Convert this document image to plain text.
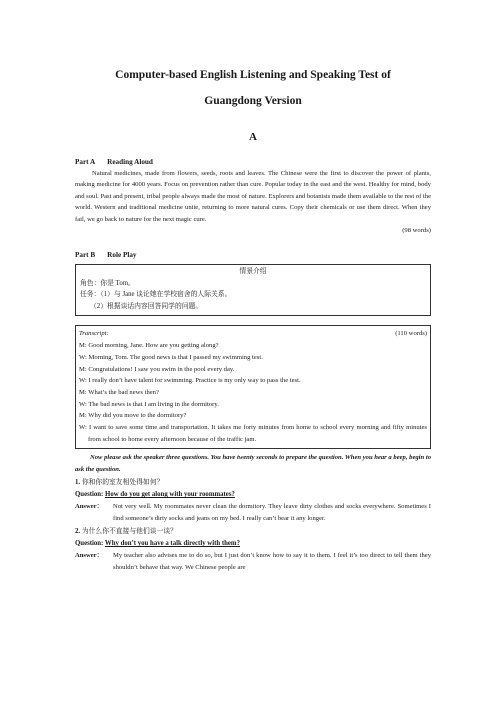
Computer-based English Listening and Speaking Test of
Guangdong Version
A
Part A Reading Aloud
Natural medicines, made from flowers, seeds, roots and leaves. The Chinese were the first to discover the power of plants, making medicine for 4000 years. Focus on prevention rather than cure. Popular today in the east and the west. Healthy for mind, body and soul. Past and present, tribal people always made the most of nature. Explorers and botanists made them available to the rest of the world. Western and traditional medicine unite, returning to more natural cures. Copy their chemicals or use them direct. When they fail, we go back to nature for the next magic cure.
(98 words)
Part B Role Play
情景介绍
角色：你是 Tom。
任务：（1）与 Jane 谈论她在学校宿舍的人际关系。
（2）根据谈话内容回答同学的问题。
Transcript:	(110 words)
M: Good morning, Jane. How are you getting along?
W: Morning, Tom. The good news is that I passed my swimming test.
M: Congratulations! I saw you swim in the pool every day.
W: I really don’t have talent for swimming. Practice is my only way to pass the test.
M: What’s the bad news then?
W: The bad news is that I am living in the dormitory.
M: Why did you move to the dormitory?
W: I want to save some time and transportation. It takes me forty minutes from home to school every morning and fifty minutes from school to home every afternoon because of the traffic jam.
Now please ask the speaker three questions. You have twenty seconds to prepare the question. When you hear a beep, begin to ask the question.
1. 你和你的室友相处得如何？
Question: How do you get along with your roommates?
Answer：	Not very well. My roommates never clean the dormitory. They leave dirty clothes and socks everywhere. Sometimes I find someone’s dirty socks and jeans on my bed. I really can’t bear it any longer.
2. 为什么你不直接与他们谈一谈？
Question: Why don’t you have a talk directly with them?
Answer：	My teacher also advises me to do so, but I just don’t know how to say it to them. I feel it’s too direct to tell them they shouldn’t behave that way. We Chinese people are
